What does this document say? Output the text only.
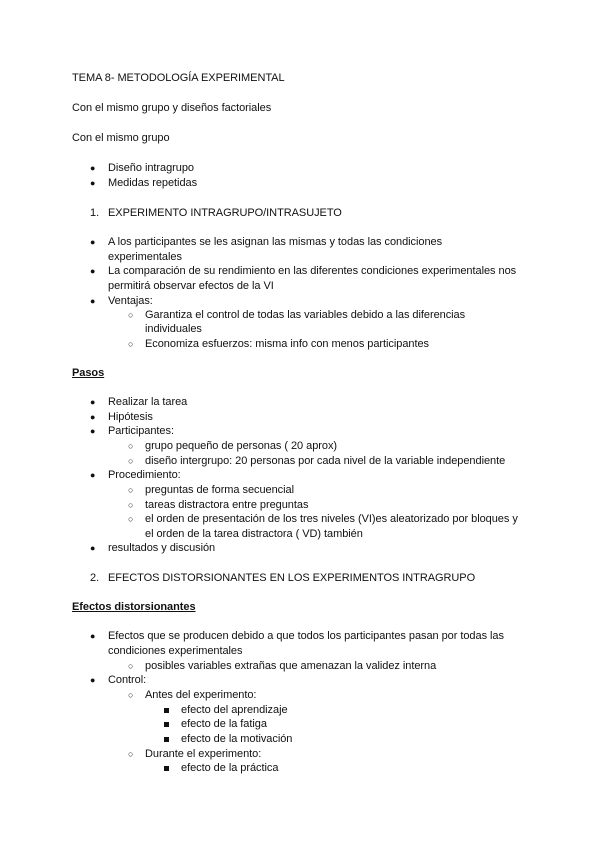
TEMA 8- METODOLOGÍA EXPERIMENTAL
Con el mismo grupo y diseños factoriales
Con el mismo grupo
● Diseño intragrupo
● Medidas repetidas
1. EXPERIMENTO INTRAGRUPO/INTRASUJETO
● A los participantes se les asignan las mismas y todas las condiciones
experimentales
● La comparación de su rendimiento en las diferentes condiciones experimentales nos
permitirá observar efectos de la VI
● Ventajas:
○ Garantiza el control de todas las variables debido a las diferencias
individuales
○ Economiza esfuerzos: misma info con menos participantes
Pasos
● Realizar la tarea
● Hipótesis
● Participantes:
○ grupo pequeño de personas ( 20 aprox)
○ diseño intergrupo: 20 personas por cada nivel de la variable independiente
● Procedimiento:
○ preguntas de forma secuencial
○ tareas distractora entre preguntas
○ el orden de presentación de los tres niveles (VI)es aleatorizado por bloques y
el orden de la tarea distractora ( VD) también
● resultados y discusión
2. EFECTOS DISTORSIONANTES EN LOS EXPERIMENTOS INTRAGRUPO
Efectos distorsionantes
● Efectos que se producen debido a que todos los participantes pasan por todas las
condiciones experimentales
○ posibles variables extrañas que amenazan la validez interna
● Control:
○ Antes del experimento:
efecto del aprendizaje
efecto de la fatiga
efecto de la motivación
○ Durante el experimento:
efecto de la práctica
